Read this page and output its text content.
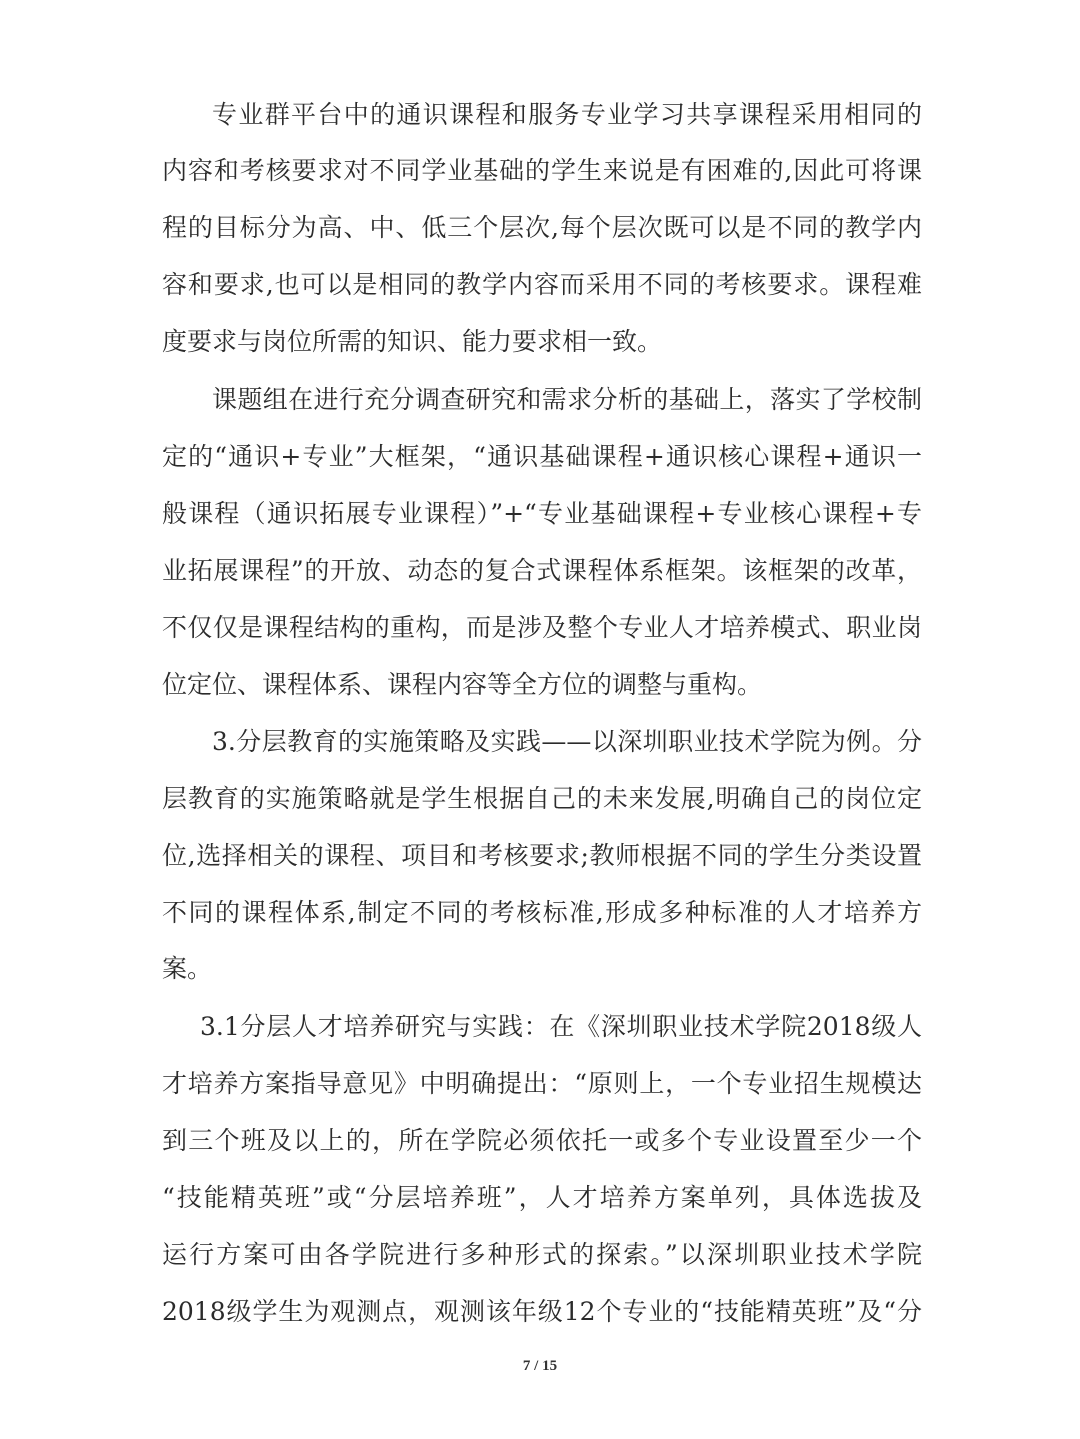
专业群平台中的通识课程和服务专业学习共享课程采用相同的
内容和考核要求对不同学业基础的学生来说是有困难的,因此可将课
程的目标分为高、中、低三个层次,每个层次既可以是不同的教学内
容和要求,也可以是相同的教学内容而采用不同的考核要求。课程难
度要求与岗位所需的知识、能力要求相一致。
课题组在进行充分调查研究和需求分析的基础上，落实了学校制
定的“通识+专业”大框架，“通识基础课程+通识核心课程+通识一
般课程（通识拓展专业课程）”+“专业基础课程+专业核心课程+专
业拓展课程”的开放、动态的复合式课程体系框架。该框架的改革，
不仅仅是课程结构的重构，而是涉及整个专业人才培养模式、职业岗
位定位、课程体系、课程内容等全方位的调整与重构。
3.分层教育的实施策略及实践——以深圳职业技术学院为例。分
层教育的实施策略就是学生根据自己的未来发展,明确自己的岗位定
位,选择相关的课程、项目和考核要求;教师根据不同的学生分类设置
不同的课程体系,制定不同的考核标准,形成多种标准的人才培养方
案。
3.1分层人才培养研究与实践：在《深圳职业技术学院2018级人
才培养方案指导意见》中明确提出：“原则上，一个专业招生规模达
到三个班及以上的，所在学院必须依托一或多个专业设置至少一个
“技能精英班”或“分层培养班”，人才培养方案单列，具体选拔及
运行方案可由各学院进行多种形式的探索。”以深圳职业技术学院
2018级学生为观测点，观测该年级12个专业的“技能精英班”及“分
7 / 15
